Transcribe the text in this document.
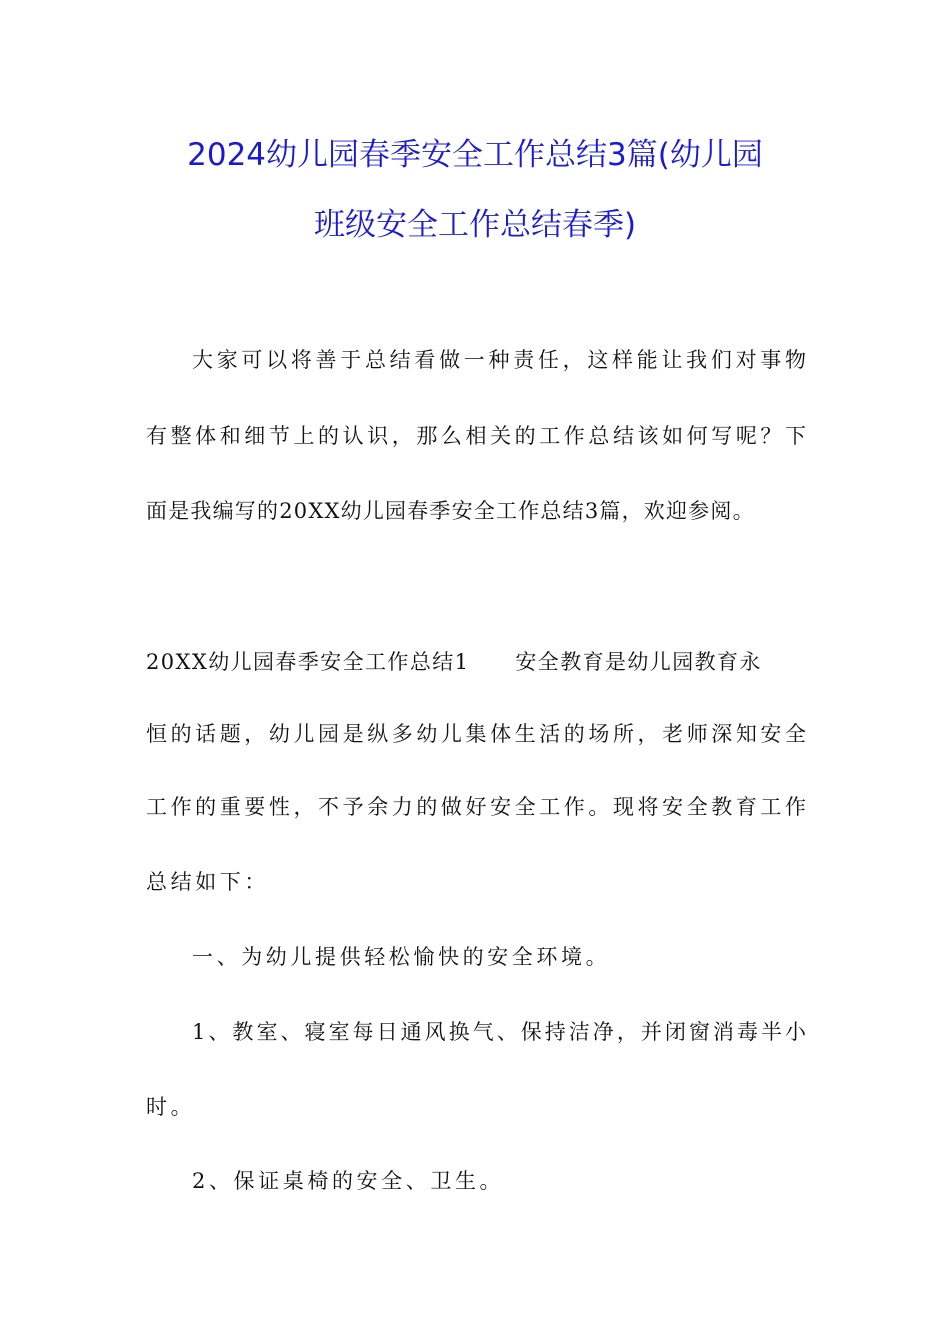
2024幼儿园春季安全工作总结3篇(幼儿园
班级安全工作总结春季)
大家可以将善于总结看做一种责任，这样能让我们对事物
有整体和细节上的认识，那么相关的工作总结该如何写呢？下
面是我编写的20XX幼儿园春季安全工作总结3篇，欢迎参阅。
20XX幼儿园春季安全工作总结1 安全教育是幼儿园教育永
恒的话题，幼儿园是纵多幼儿集体生活的场所，老师深知安全
工作的重要性，不予余力的做好安全工作。现将安全教育工作
总结如下：
一、为幼儿提供轻松愉快的安全环境。
1、教室、寝室每日通风换气、保持洁净，并闭窗消毒半小
时。
2、保证桌椅的安全、卫生。
